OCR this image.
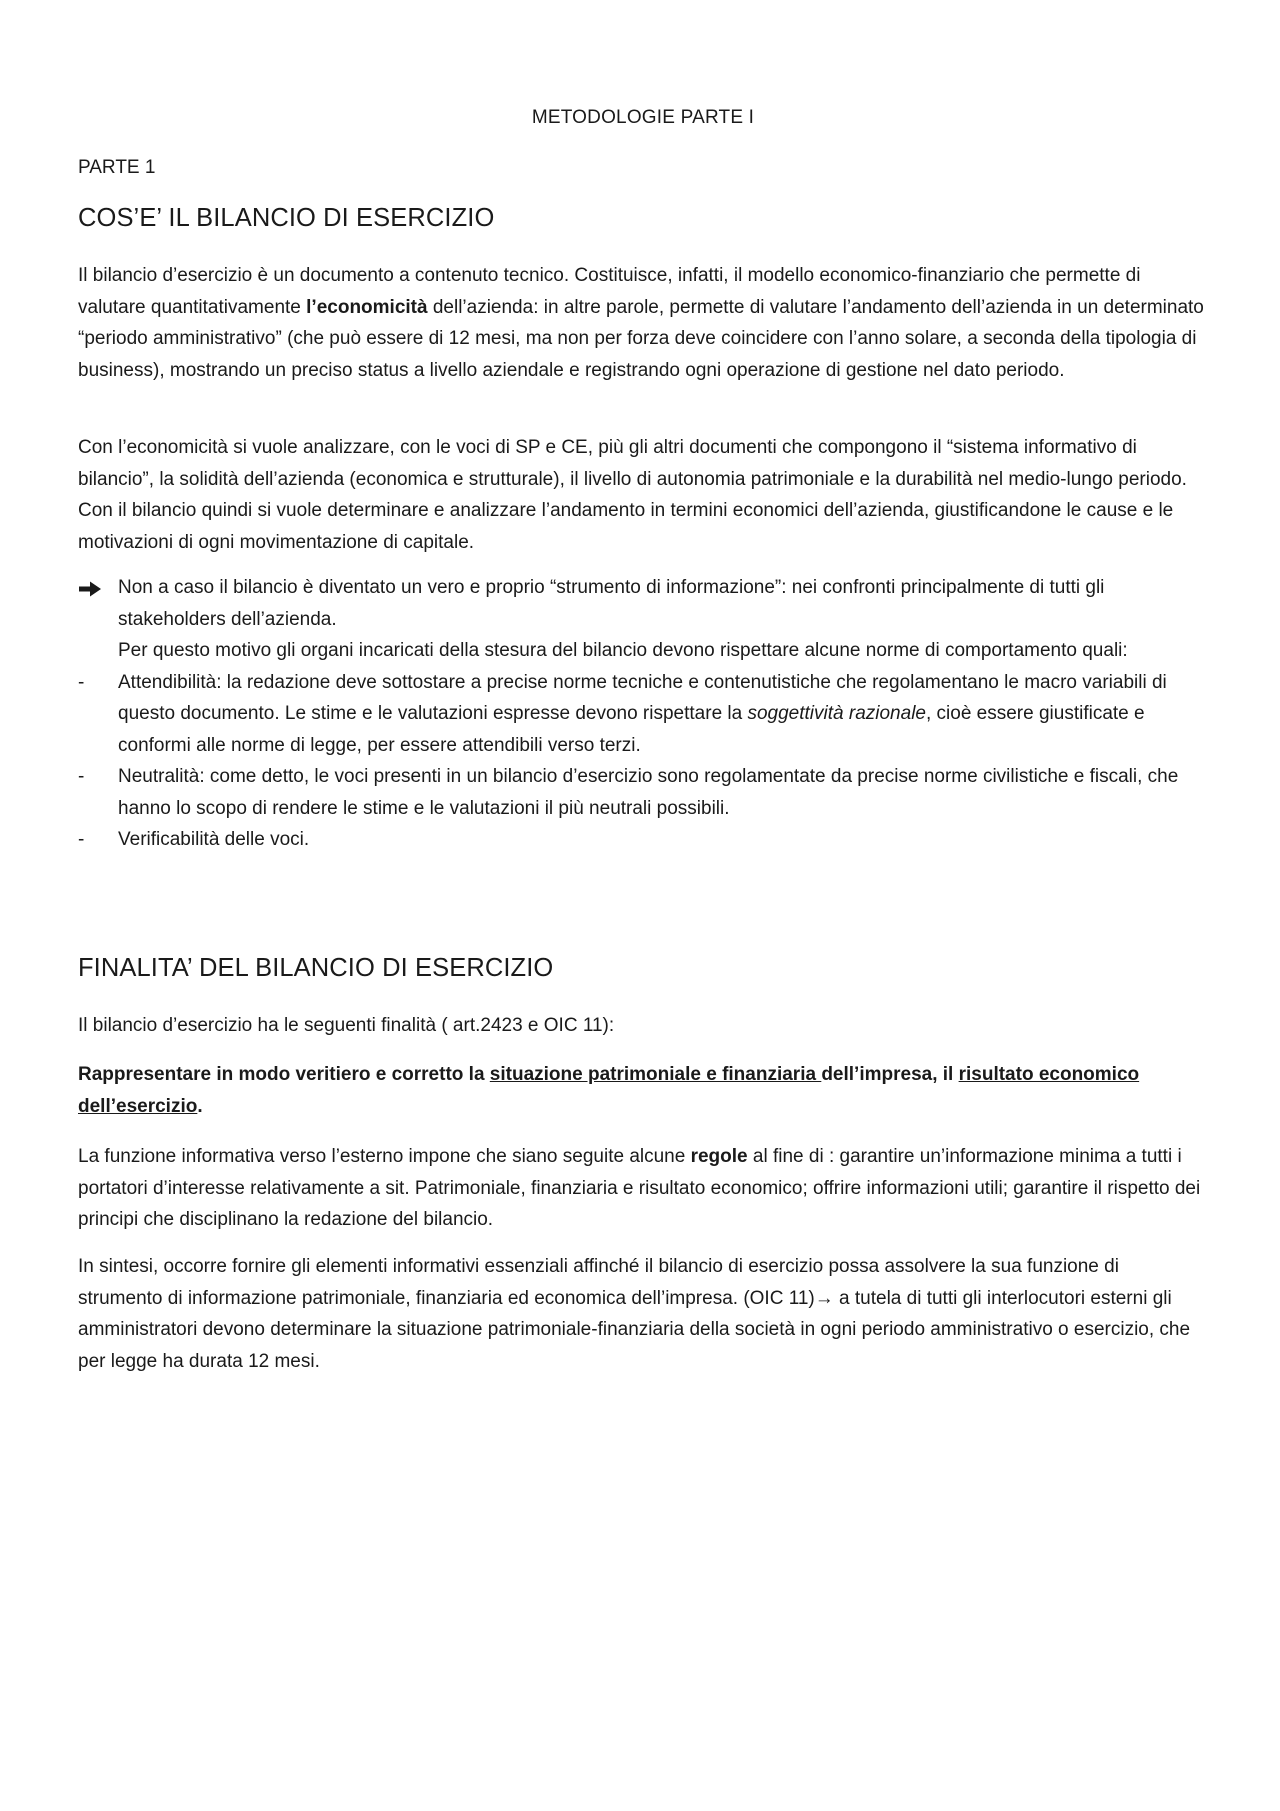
METODOLOGIE PARTE I
PARTE 1
COS’E’ IL BILANCIO DI ESERCIZIO

Il bilancio d’esercizio è un documento a contenuto tecnico. Costituisce, infatti, il modello economico-finanziario che permette di valutare quantitativamente l’economicità dell’azienda: in altre parole, permette di valutare l’andamento dell’azienda in un determinato “periodo amministrativo” (che può essere di 12 mesi, ma non per forza deve coincidere con l’anno solare, a seconda della tipologia di business), mostrando un preciso status a livello aziendale e registrando ogni operazione di gestione nel dato periodo.

Con l’economicità si vuole analizzare, con le voci di SP e CE, più gli altri documenti che compongono il “sistema informativo di bilancio”, la solidità dell’azienda (economica e strutturale), il livello di autonomia patrimoniale e la durabilità nel medio-lungo periodo. Con il bilancio quindi si vuole determinare e analizzare l’andamento in termini economici dell’azienda, giustificandone le cause e le motivazioni di ogni movimentazione di capitale.

Non a caso il bilancio è diventato un vero e proprio “strumento di informazione”: nei confronti principalmente di tutti gli stakeholders dell’azienda.
Per questo motivo gli organi incaricati della stesura del bilancio devono rispettare alcune norme di comportamento quali:
-	Attendibilità: la redazione deve sottostare a precise norme tecniche e contenutistiche che regolamentano le macro variabili di questo documento. Le stime e le valutazioni espresse devono rispettare la soggettività razionale, cioè essere giustificate e conformi alle norme di legge, per essere attendibili verso terzi.
-	Neutralità: come detto, le voci presenti in un bilancio d’esercizio sono regolamentate da precise norme civilistiche e fiscali, che hanno lo scopo di rendere le stime e le valutazioni il più neutrali possibili.
-	Verificabilità delle voci.
FINALITA’ DEL BILANCIO DI ESERCIZIO

Il bilancio d’esercizio ha le seguenti finalità ( art.2423 e OIC 11):

Rappresentare in modo veritiero e corretto la situazione patrimoniale e finanziaria dell’impresa, il risultato economico dell’esercizio.

La funzione informativa verso l’esterno impone che siano seguite alcune regole al fine di : garantire un’informazione minima a tutti i portatori d’interesse relativamente a sit. Patrimoniale, finanziaria e risultato economico; offrire informazioni utili; garantire il rispetto dei principi che disciplinano la redazione del bilancio.

In sintesi, occorre fornire gli elementi informativi essenziali affinché il bilancio di esercizio possa assolvere la sua funzione di strumento di informazione patrimoniale, finanziaria ed economica dell’impresa. (OIC 11)→ a tutela di tutti gli interlocutori esterni gli amministratori devono determinare la situazione patrimoniale-finanziaria della società in ogni periodo amministrativo o esercizio, che per legge ha durata 12 mesi.
